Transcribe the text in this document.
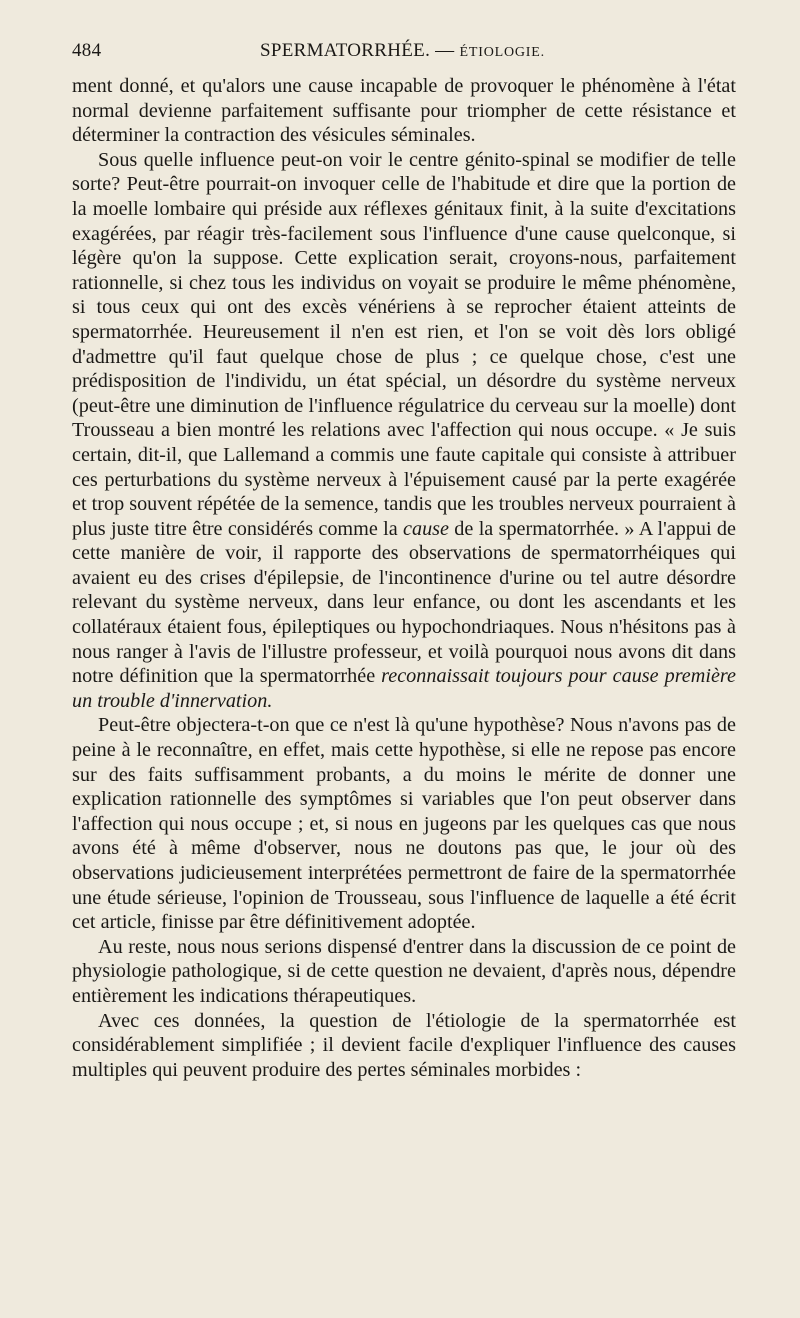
484	SPERMATORRHÉE. — ÉTIOLOGIE.

ment donné, et qu'alors une cause incapable de provoquer le phénomène à l'état normal devienne parfaitement suffisante pour triompher de cette résistance et déterminer la contraction des vésicules séminales.

Sous quelle influence peut-on voir le centre génito-spinal se modifier de telle sorte? Peut-être pourrait-on invoquer celle de l'habitude et dire que la portion de la moelle lombaire qui préside aux réflexes génitaux finit, à la suite d'excitations exagérées, par réagir très-facilement sous l'influence d'une cause quelconque, si légère qu'on la suppose. Cette explication serait, croyons-nous, parfaitement rationnelle, si chez tous les individus on voyait se produire le même phénomène, si tous ceux qui ont des excès vénériens à se reprocher étaient atteints de spermatorrhée. Heureusement il n'en est rien, et l'on se voit dès lors obligé d'admettre qu'il faut quelque chose de plus ; ce quelque chose, c'est une prédisposition de l'individu, un état spécial, un désordre du système nerveux (peut-être une diminution de l'influence régulatrice du cerveau sur la moelle) dont Trousseau a bien montré les relations avec l'affection qui nous occupe. « Je suis certain, dit-il, que Lallemand a commis une faute capitale qui consiste à attribuer ces perturbations du système nerveux à l'épuisement causé par la perte exagérée et trop souvent répétée de la semence, tandis que les troubles nerveux pourraient à plus juste titre être considérés comme la cause de la spermatorrhée. » A l'appui de cette manière de voir, il rapporte des observations de spermatorrhéiques qui avaient eu des crises d'épilepsie, de l'incontinence d'urine ou tel autre désordre relevant du système nerveux, dans leur enfance, ou dont les ascendants et les collatéraux étaient fous, épileptiques ou hypochondriaques. Nous n'hésitons pas à nous ranger à l'avis de l'illustre professeur, et voilà pourquoi nous avons dit dans notre définition que la spermatorrhée reconnaissait toujours pour cause première un trouble d'innervation.

Peut-être objectera-t-on que ce n'est là qu'une hypothèse? Nous n'avons pas de peine à le reconnaître, en effet, mais cette hypothèse, si elle ne repose pas encore sur des faits suffisamment probants, a du moins le mérite de donner une explication rationnelle des symptômes si variables que l'on peut observer dans l'affection qui nous occupe ; et, si nous en jugeons par les quelques cas que nous avons été à même d'observer, nous ne doutons pas que, le jour où des observations judicieusement interprétées permettront de faire de la spermatorrhée une étude sérieuse, l'opinion de Trousseau, sous l'influence de laquelle a été écrit cet article, finisse par être définitivement adoptée.

Au reste, nous nous serions dispensé d'entrer dans la discussion de ce point de physiologie pathologique, si de cette question ne devaient, d'après nous, dépendre entièrement les indications thérapeutiques.

Avec ces données, la question de l'étiologie de la spermatorrhée est considérablement simplifiée ; il devient facile d'expliquer l'influence des causes multiples qui peuvent produire des pertes séminales morbides :
